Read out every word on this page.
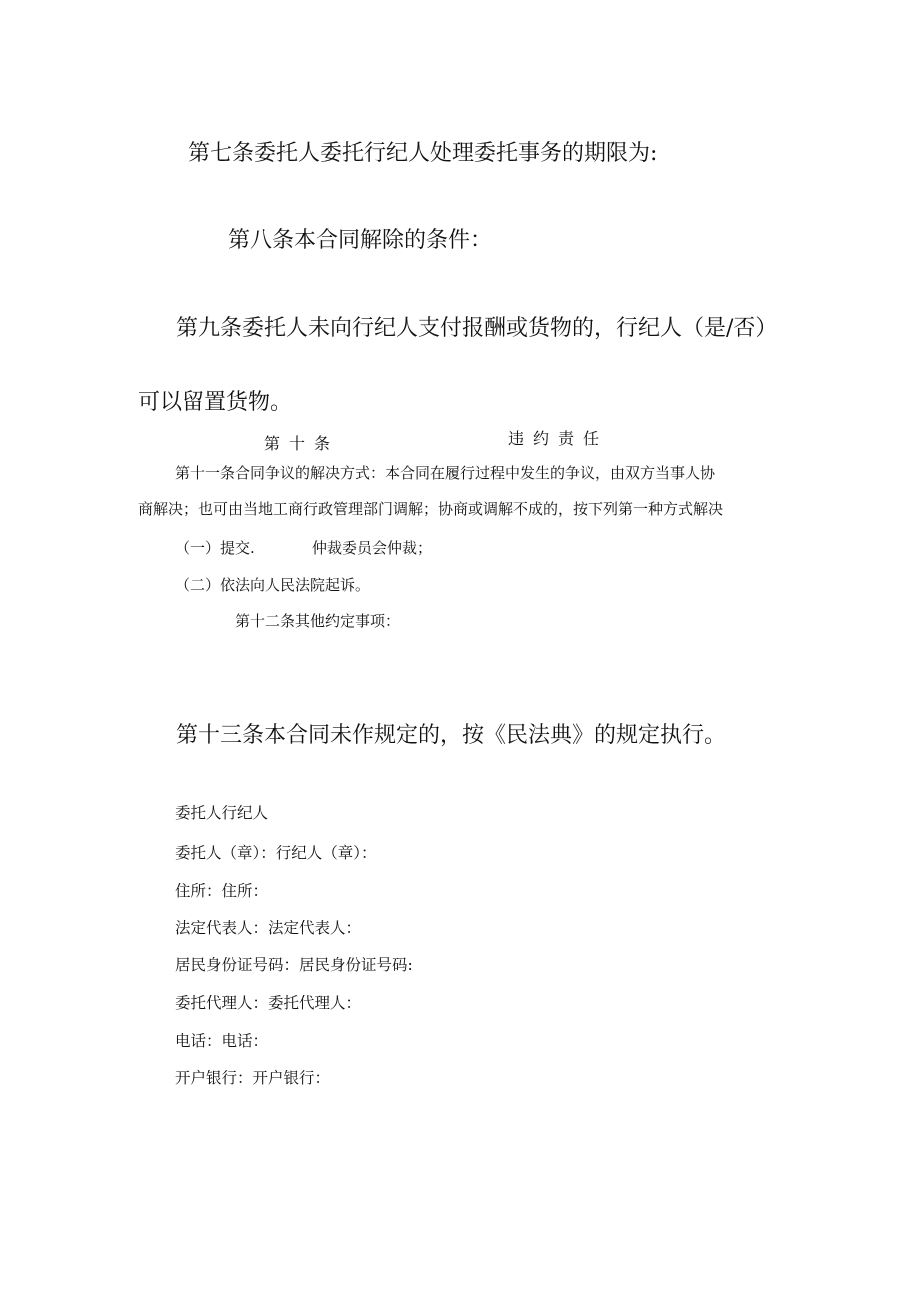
第七条委托人委托行纪人处理委托事务的期限为:
第八条本合同解除的条件：
第九条委托人未向行纪人支付报酬或货物的，行纪人（是/否）
可以留置货物。
第十条	违约责任
第十一条合同争议的解决方式：本合同在履行过程中发生的争议，由双方当事人协
商解决；也可由当地工商行政管理部门调解；协商或调解不成的，按下列第一种方式解决
（一）提交.	仲裁委员会仲裁；
（二）依法向人民法院起诉。
第十二条其他约定事项：
第十三条本合同未作规定的，按《民法典》的规定执行。
委托人行纪人
委托人（章）：行纪人（章）：
住所：住所：
法定代表人：法定代表人：
居民身份证号码：居民身份证号码:
委托代理人：委托代理人：
电话：电话：
开户银行：开户银行：
